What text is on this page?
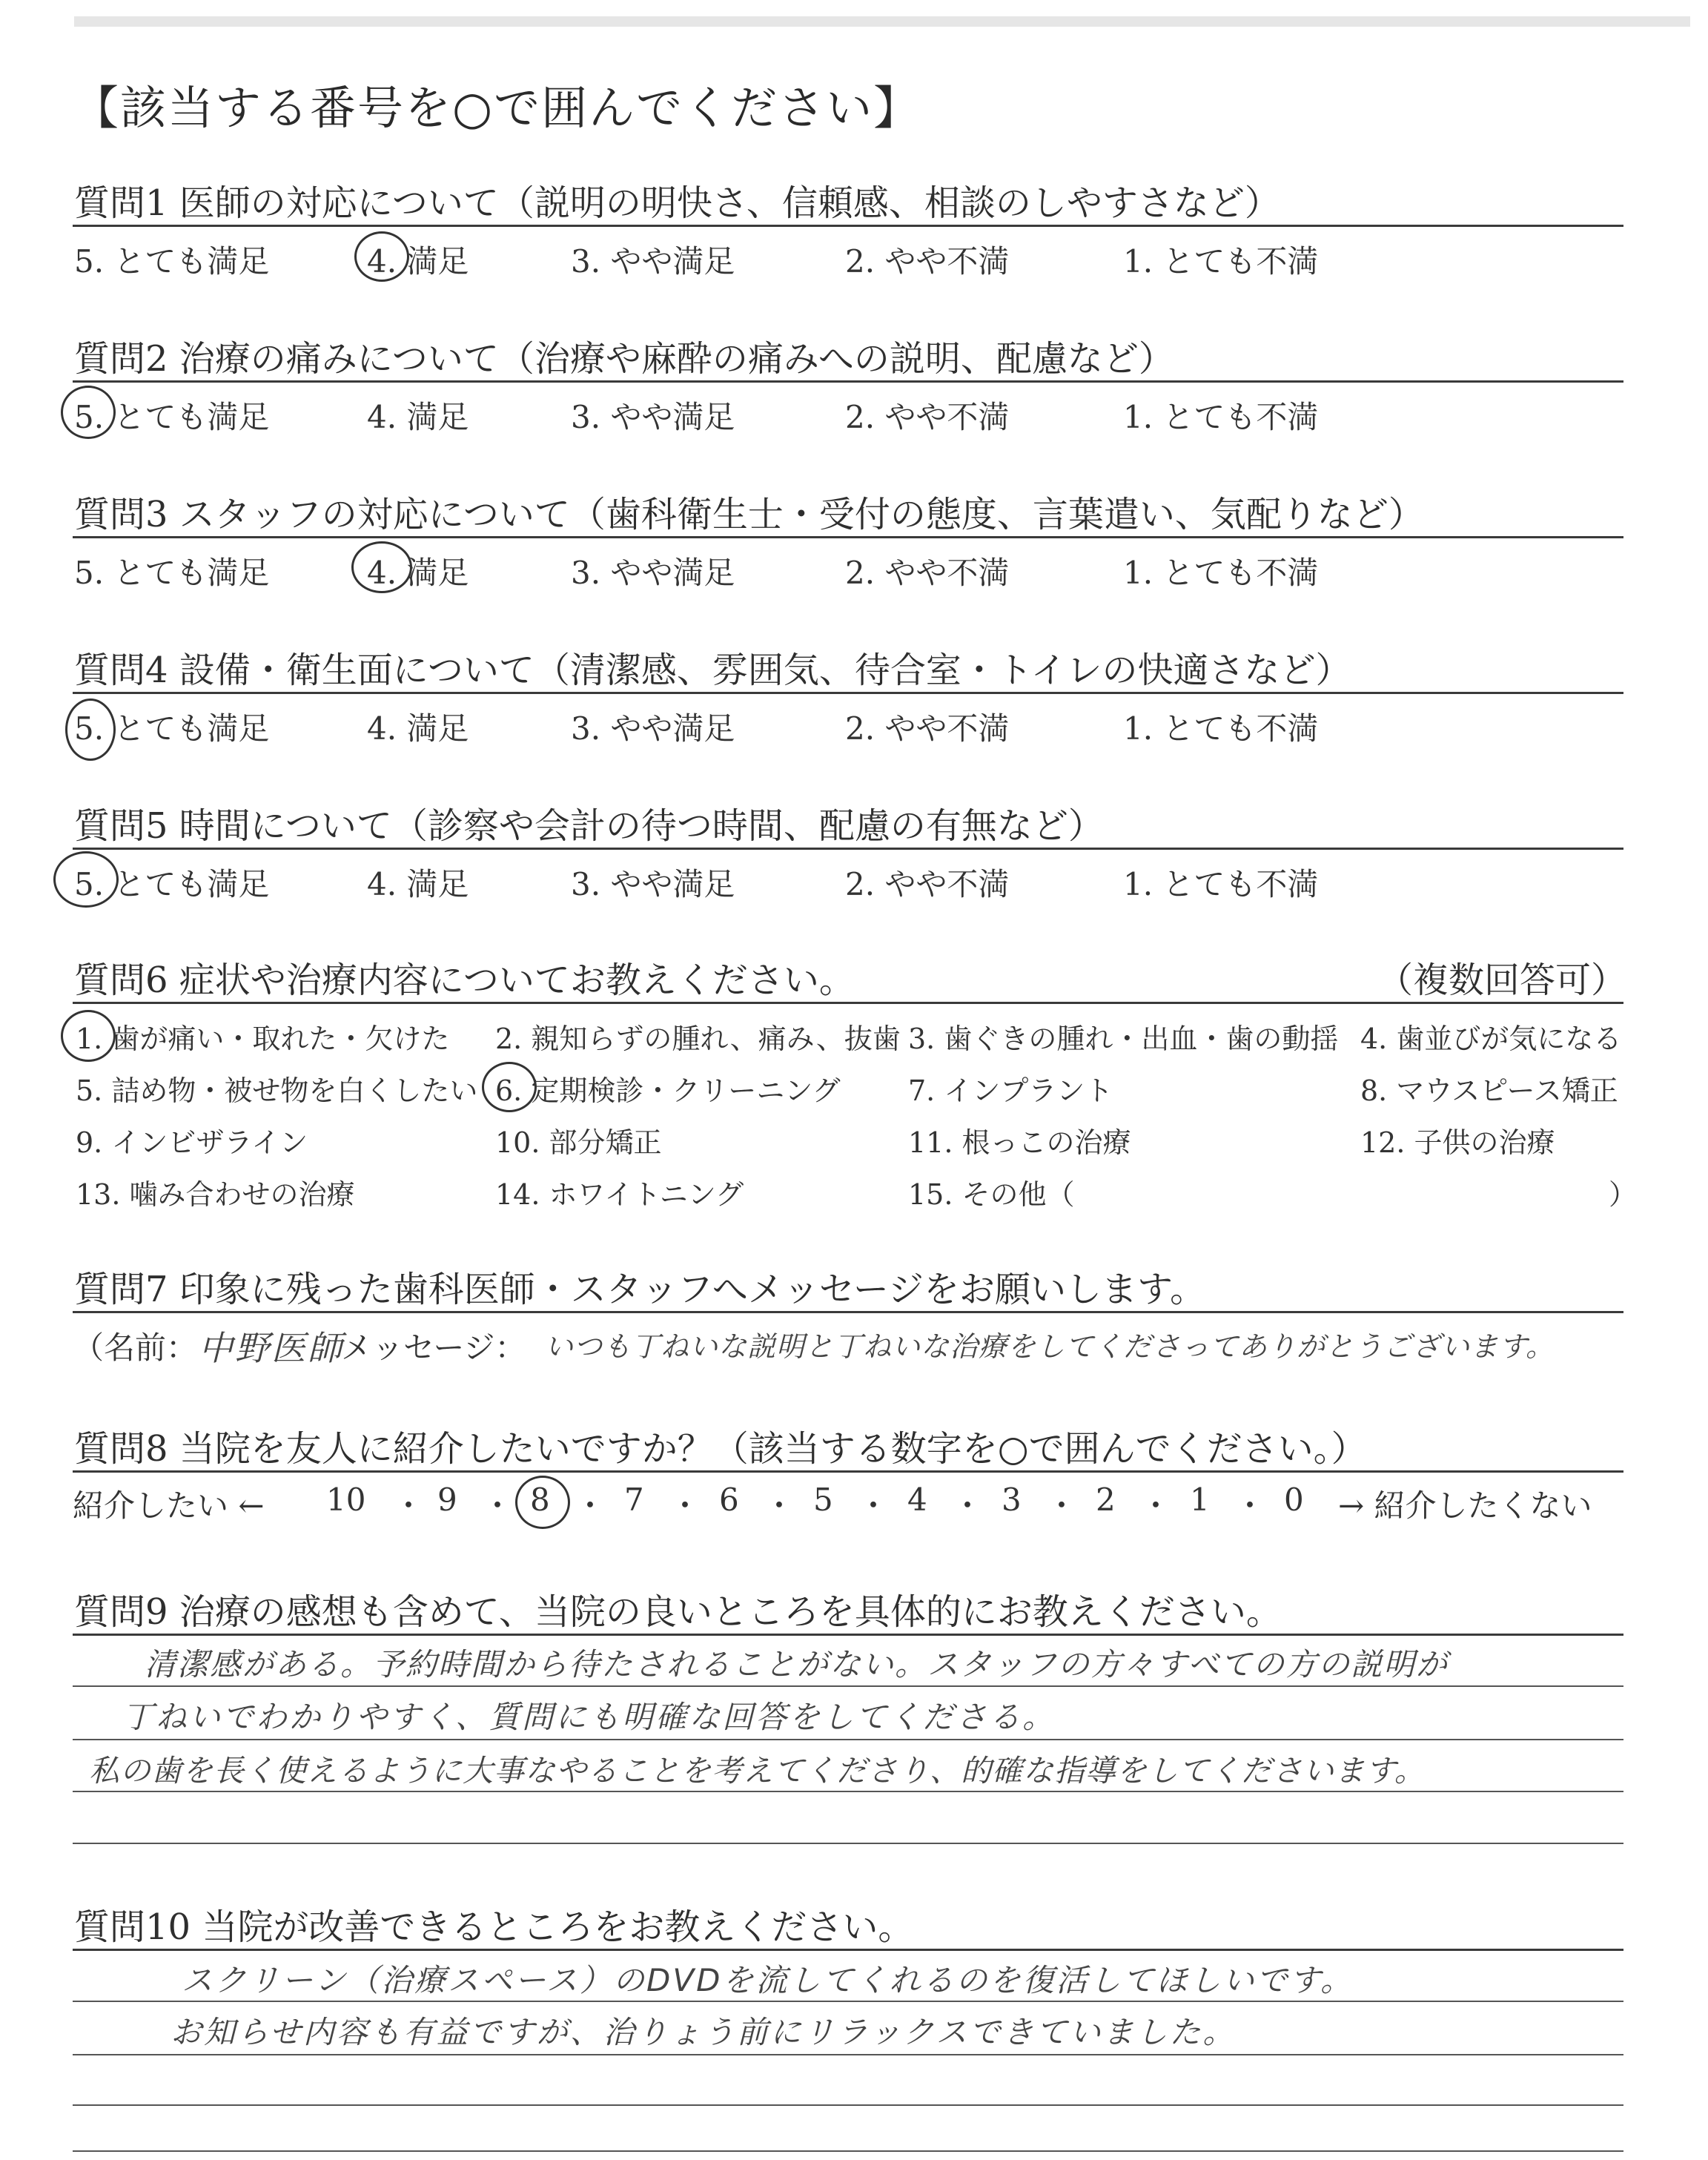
【該当する番号を○で囲んでください】
質問1 医師の対応について（説明の明快さ、信頼感、相談のしやすさなど）
5. とても満足	4. 満足	3. やや満足	2. やや不満	1. とても不満
質問2 治療の痛みについて（治療や麻酔の痛みへの説明、配慮など）
5. とても満足	4. 満足	3. やや満足	2. やや不満	1. とても不満
質問3 スタッフの対応について（歯科衛生士・受付の態度、言葉遣い、気配りなど）
5. とても満足	4. 満足	3. やや満足	2. やや不満	1. とても不満
質問4 設備・衛生面について（清潔感、雰囲気、待合室・トイレの快適さなど）
5. とても満足	4. 満足	3. やや満足	2. やや不満	1. とても不満
質問5 時間について（診察や会計の待つ時間、配慮の有無など）
5. とても満足	4. 満足	3. やや満足	2. やや不満	1. とても不満
質問6 症状や治療内容についてお教えください。	（複数回答可）
1. 歯が痛い・取れた・欠けた 2. 親知らずの腫れ、痛み、抜歯 3. 歯ぐきの腫れ・出血・歯の動揺 4. 歯並びが気になる
5. 詰め物・被せ物を白くしたい 6. 定期検診・クリーニング 7. インプラント	8. マウスピース矯正
9. インビザライン	10. 部分矯正	11. 根っこの治療	12. 子供の治療
13. 噛み合わせの治療	14. ホワイトニング	15. その他（	）
質問7 印象に残った歯科医師・スタッフへメッセージをお願いします。
（名前： 中野医師
メッセージ： いつも丁ねいな説明と丁ねいな治療をしてくださってありがとうございます。
質問8 当院を友人に紹介したいですか？（該当する数字を○で囲んでください。）
紹介したい ← 10 ・ 9 ・ 8 ・ 7 ・ 6 ・ 5 ・ 4 ・ 3 ・ 2 ・ 1 ・ 0 → 紹介したくない
質問9 治療の感想も含めて、当院の良いところを具体的にお教えください。
清潔感がある。予約時間から待たされることがない。スタッフの方々すべての方の説明が
丁ねいでわかりやすく、質問にも明確な回答をしてくださる。
私の歯を長く使えるように大事なやることを考えてくださり、的確な指導をしてくださいます。
質問10 当院が改善できるところをお教えください。
スクリーン（治療スペース）のDVDを流してくれるのを復活してほしいです。
お知らせ内容も有益ですが、治りょう前にリラックスできていました。
